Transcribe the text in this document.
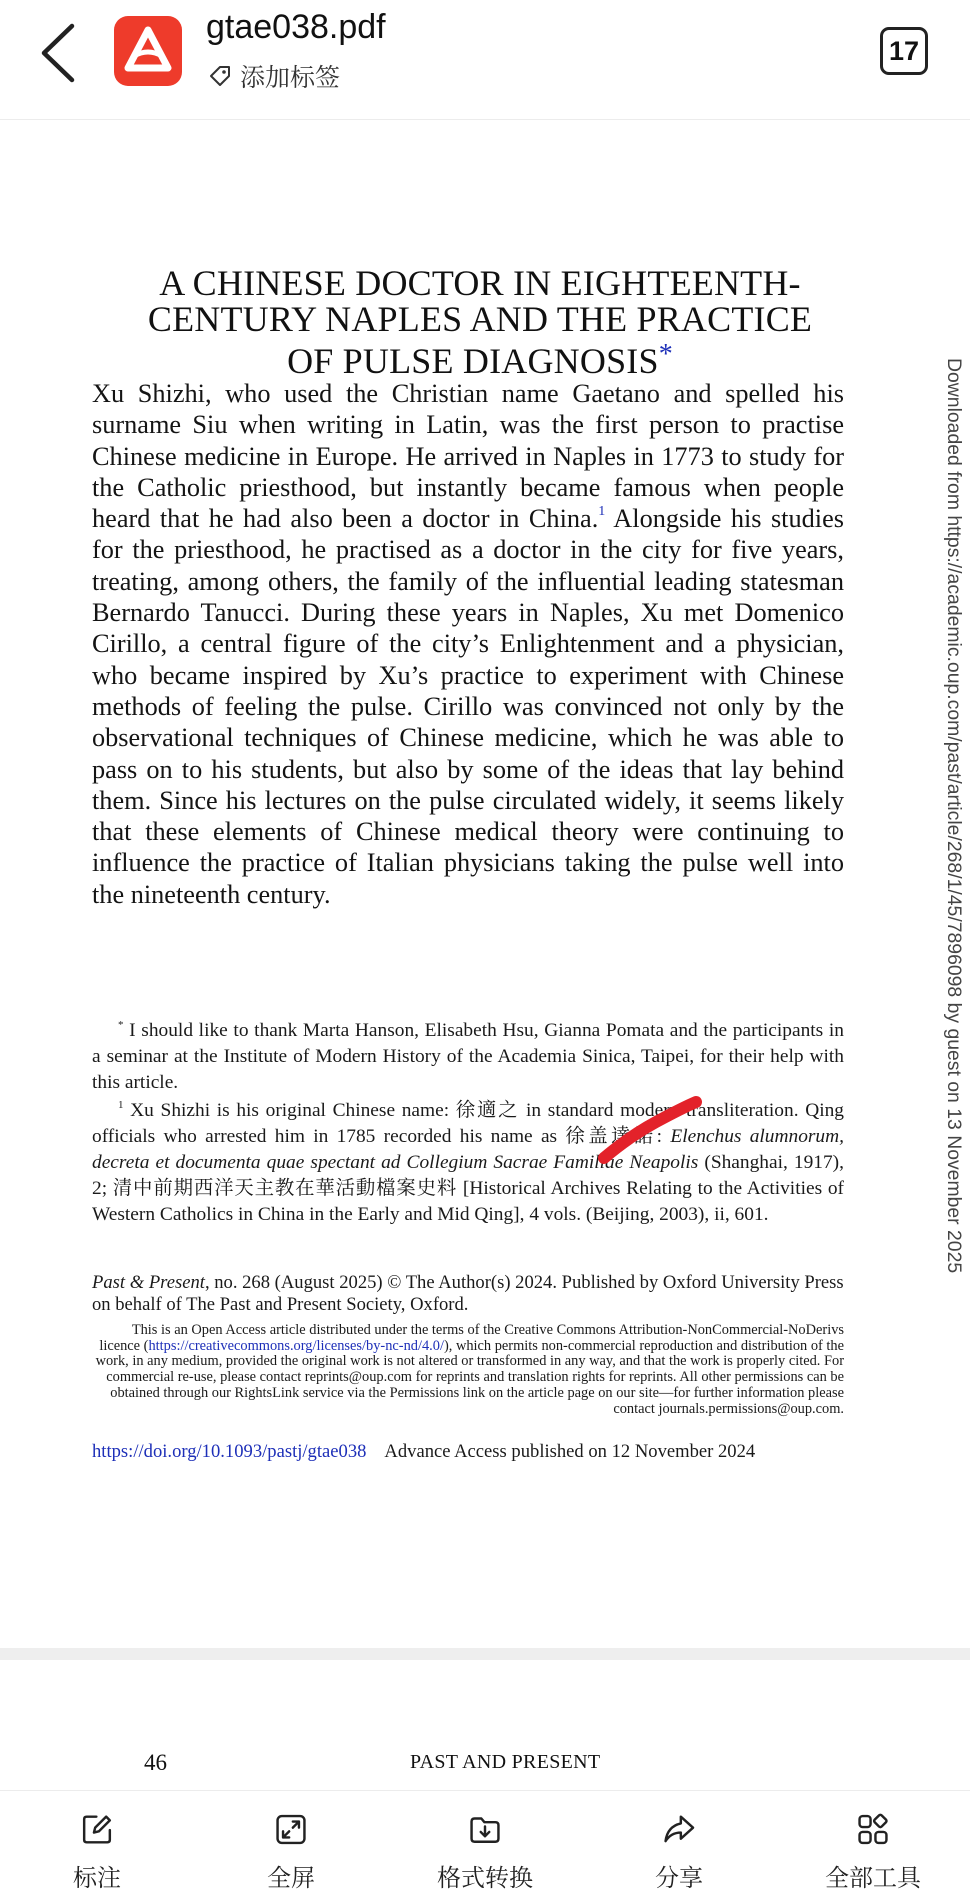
gtae038.pdf
添加标签
17
A CHINESE DOCTOR IN EIGHTEENTH-
CENTURY NAPLES AND THE PRACTICE
OF PULSE DIAGNOSIS*
Xu Shizhi, who used the Christian name Gaetano and spelled his surname Siu when writing in Latin, was the first person to practise Chinese medicine in Europe. He arrived in Naples in 1773 to study for the Catholic priesthood, but instantly became famous when people heard that he had also been a doctor in China.$^1$ Alongside his studies for the priesthood, he practised as a doctor in the city for five years, treating, among others, the family of the influential leading statesman Bernardo Tanucci. During these years in Naples, Xu met Domenico Cirillo, a central figure of the city’s Enlightenment and a physician, who became inspired by Xu’s practice to experiment with Chinese methods of feeling the pulse. Cirillo was convinced not only by the observational techniques of Chinese medicine, which he was able to pass on to his students, but also by some of the ideas that lay behind them. Since his lectures on the pulse circulated widely, it seems likely that these elements of Chinese medical theory were continuing to influence the practice of Italian physicians taking the pulse well into the nineteenth century.

* I should like to thank Marta Hanson, Elisabeth Hsu, Gianna Pomata and the participants in a seminar at the Institute of Modern History of the Academia Sinica, Taipei, for their help with this article.

$^1$ Xu Shizhi is his original Chinese name: 徐適之 in standard modern transliteration. Qing officials who arrested him in 1785 recorded his name as 徐盖達諾: Elenchus alumnorum, decreta et documenta quae spectant ad Collegium Sacrae Familiae Neapolis (Shanghai, 1917), 2; 清中前期西洋天主教在華活動檔案史料 [Historical Archives Relating to the Activities of Western Catholics in China in the Early and Mid Qing], 4 vols. (Beijing, 2003), ii, 601.

Past & Present, no. 268 (August 2025) © The Author(s) 2024. Published by Oxford University Press on behalf of The Past and Present Society, Oxford.
This is an Open Access article distributed under the terms of the Creative Commons Attribution-NonCommercial-NoDerivs licence (https://creativecommons.org/licenses/by-nc-nd/4.0/), which permits non-commercial reproduction and distribution of the work, in any medium, provided the original work is not altered or transformed in any way, and that the work is properly cited. For commercial re-use, please contact reprints@oup.com for reprints and translation rights for reprints. All other permissions can be obtained through our RightsLink service via the Permissions link on the article page on our site—for further information please contact journals.permissions@oup.com.
https://doi.org/10.1093/pastj/gtae038 Advance Access published on 12 November 2024
Downloaded from https://academic.oup.com/past/article/268/1/45/7896098 by guest on 13 November 2025
46	PAST AND PRESENT
标注	全屏	格式转换	分享	全部工具
